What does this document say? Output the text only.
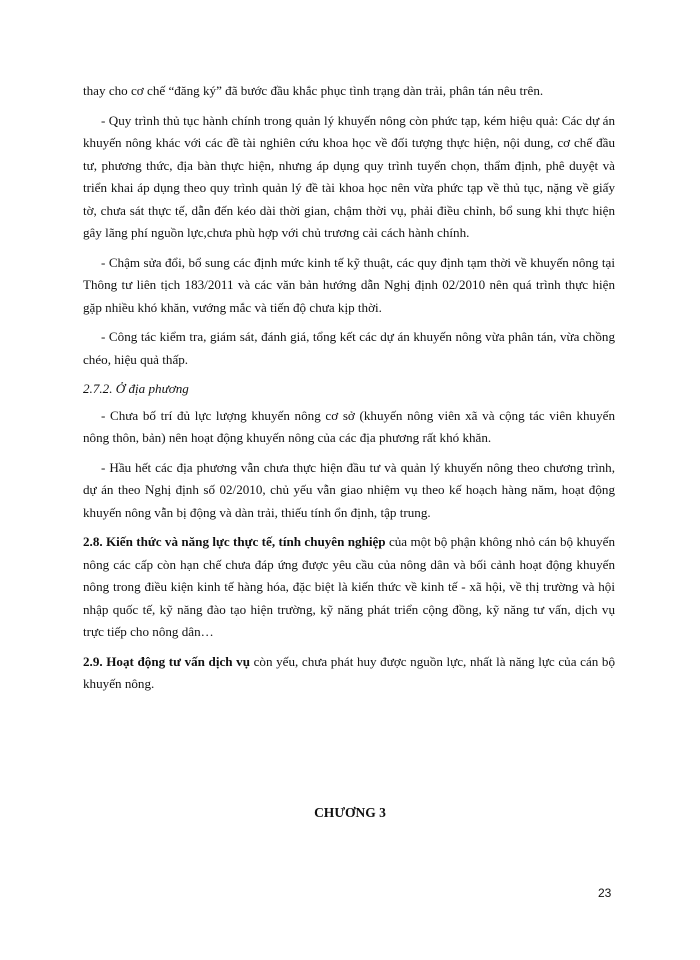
thay cho cơ chế “đăng ký” đã bước đầu khắc phục tình trạng dàn trải, phân tán nêu trên.

- Quy trình thủ tục hành chính trong quản lý khuyến nông còn phức tạp, kém hiệu quả: Các dự án khuyến nông khác với các đề tài nghiên cứu khoa học về đối tượng thực hiện, nội dung, cơ chế đầu tư, phương thức, địa bàn thực hiện, nhưng áp dụng quy trình tuyển chọn, thẩm định, phê duyệt và triển khai áp dụng theo quy trình quản lý đề tài khoa học nên vừa phức tạp về thủ tục, nặng về giấy tờ, chưa sát thực tế, dẫn đến kéo dài thời gian, chậm thời vụ, phải điều chỉnh, bổ sung khi thực hiện gây lãng phí nguồn lực,chưa phù hợp với chủ trương cải cách hành chính.

- Chậm sửa đổi, bổ sung các định mức kinh tế kỹ thuật, các quy định tạm thời về khuyến nông tại Thông tư liên tịch 183/2011 và các văn bản hướng dẫn Nghị định 02/2010 nên quá trình thực hiện gặp nhiều khó khăn, vướng mắc và tiến độ chưa kịp thời.

- Công tác kiểm tra, giám sát, đánh giá, tổng kết các dự án khuyến nông vừa phân tán, vừa chồng chéo, hiệu quả thấp.

2.7.2. Ở địa phương

- Chưa bố trí đủ lực lượng khuyến nông cơ sở (khuyến nông viên xã và cộng tác viên khuyến nông thôn, bản) nên hoạt động khuyến nông của các địa phương rất khó khăn.

- Hầu hết các địa phương vẫn chưa thực hiện đầu tư và quản lý khuyến nông theo chương trình, dự án theo Nghị định số 02/2010, chủ yếu vẫn giao nhiệm vụ theo kế hoạch hàng năm, hoạt động khuyến nông vẫn bị động và dàn trải, thiếu tính ổn định, tập trung.

2.8. Kiến thức và năng lực thực tế, tính chuyên nghiệp của một bộ phận không nhỏ cán bộ khuyến nông các cấp còn hạn chế chưa đáp ứng được yêu cầu của nông dân và bối cảnh hoạt động khuyến nông trong điều kiện kinh tế hàng hóa, đặc biệt là kiến thức về kinh tế - xã hội, về thị trường và hội nhập quốc tế, kỹ năng đào tạo hiện trường, kỹ năng phát triển cộng đồng, kỹ năng tư vấn, dịch vụ trực tiếp cho nông dân…

2.9. Hoạt động tư vấn dịch vụ còn yếu, chưa phát huy được nguồn lực, nhất là năng lực của cán bộ khuyến nông.

CHƯƠNG 3
23
